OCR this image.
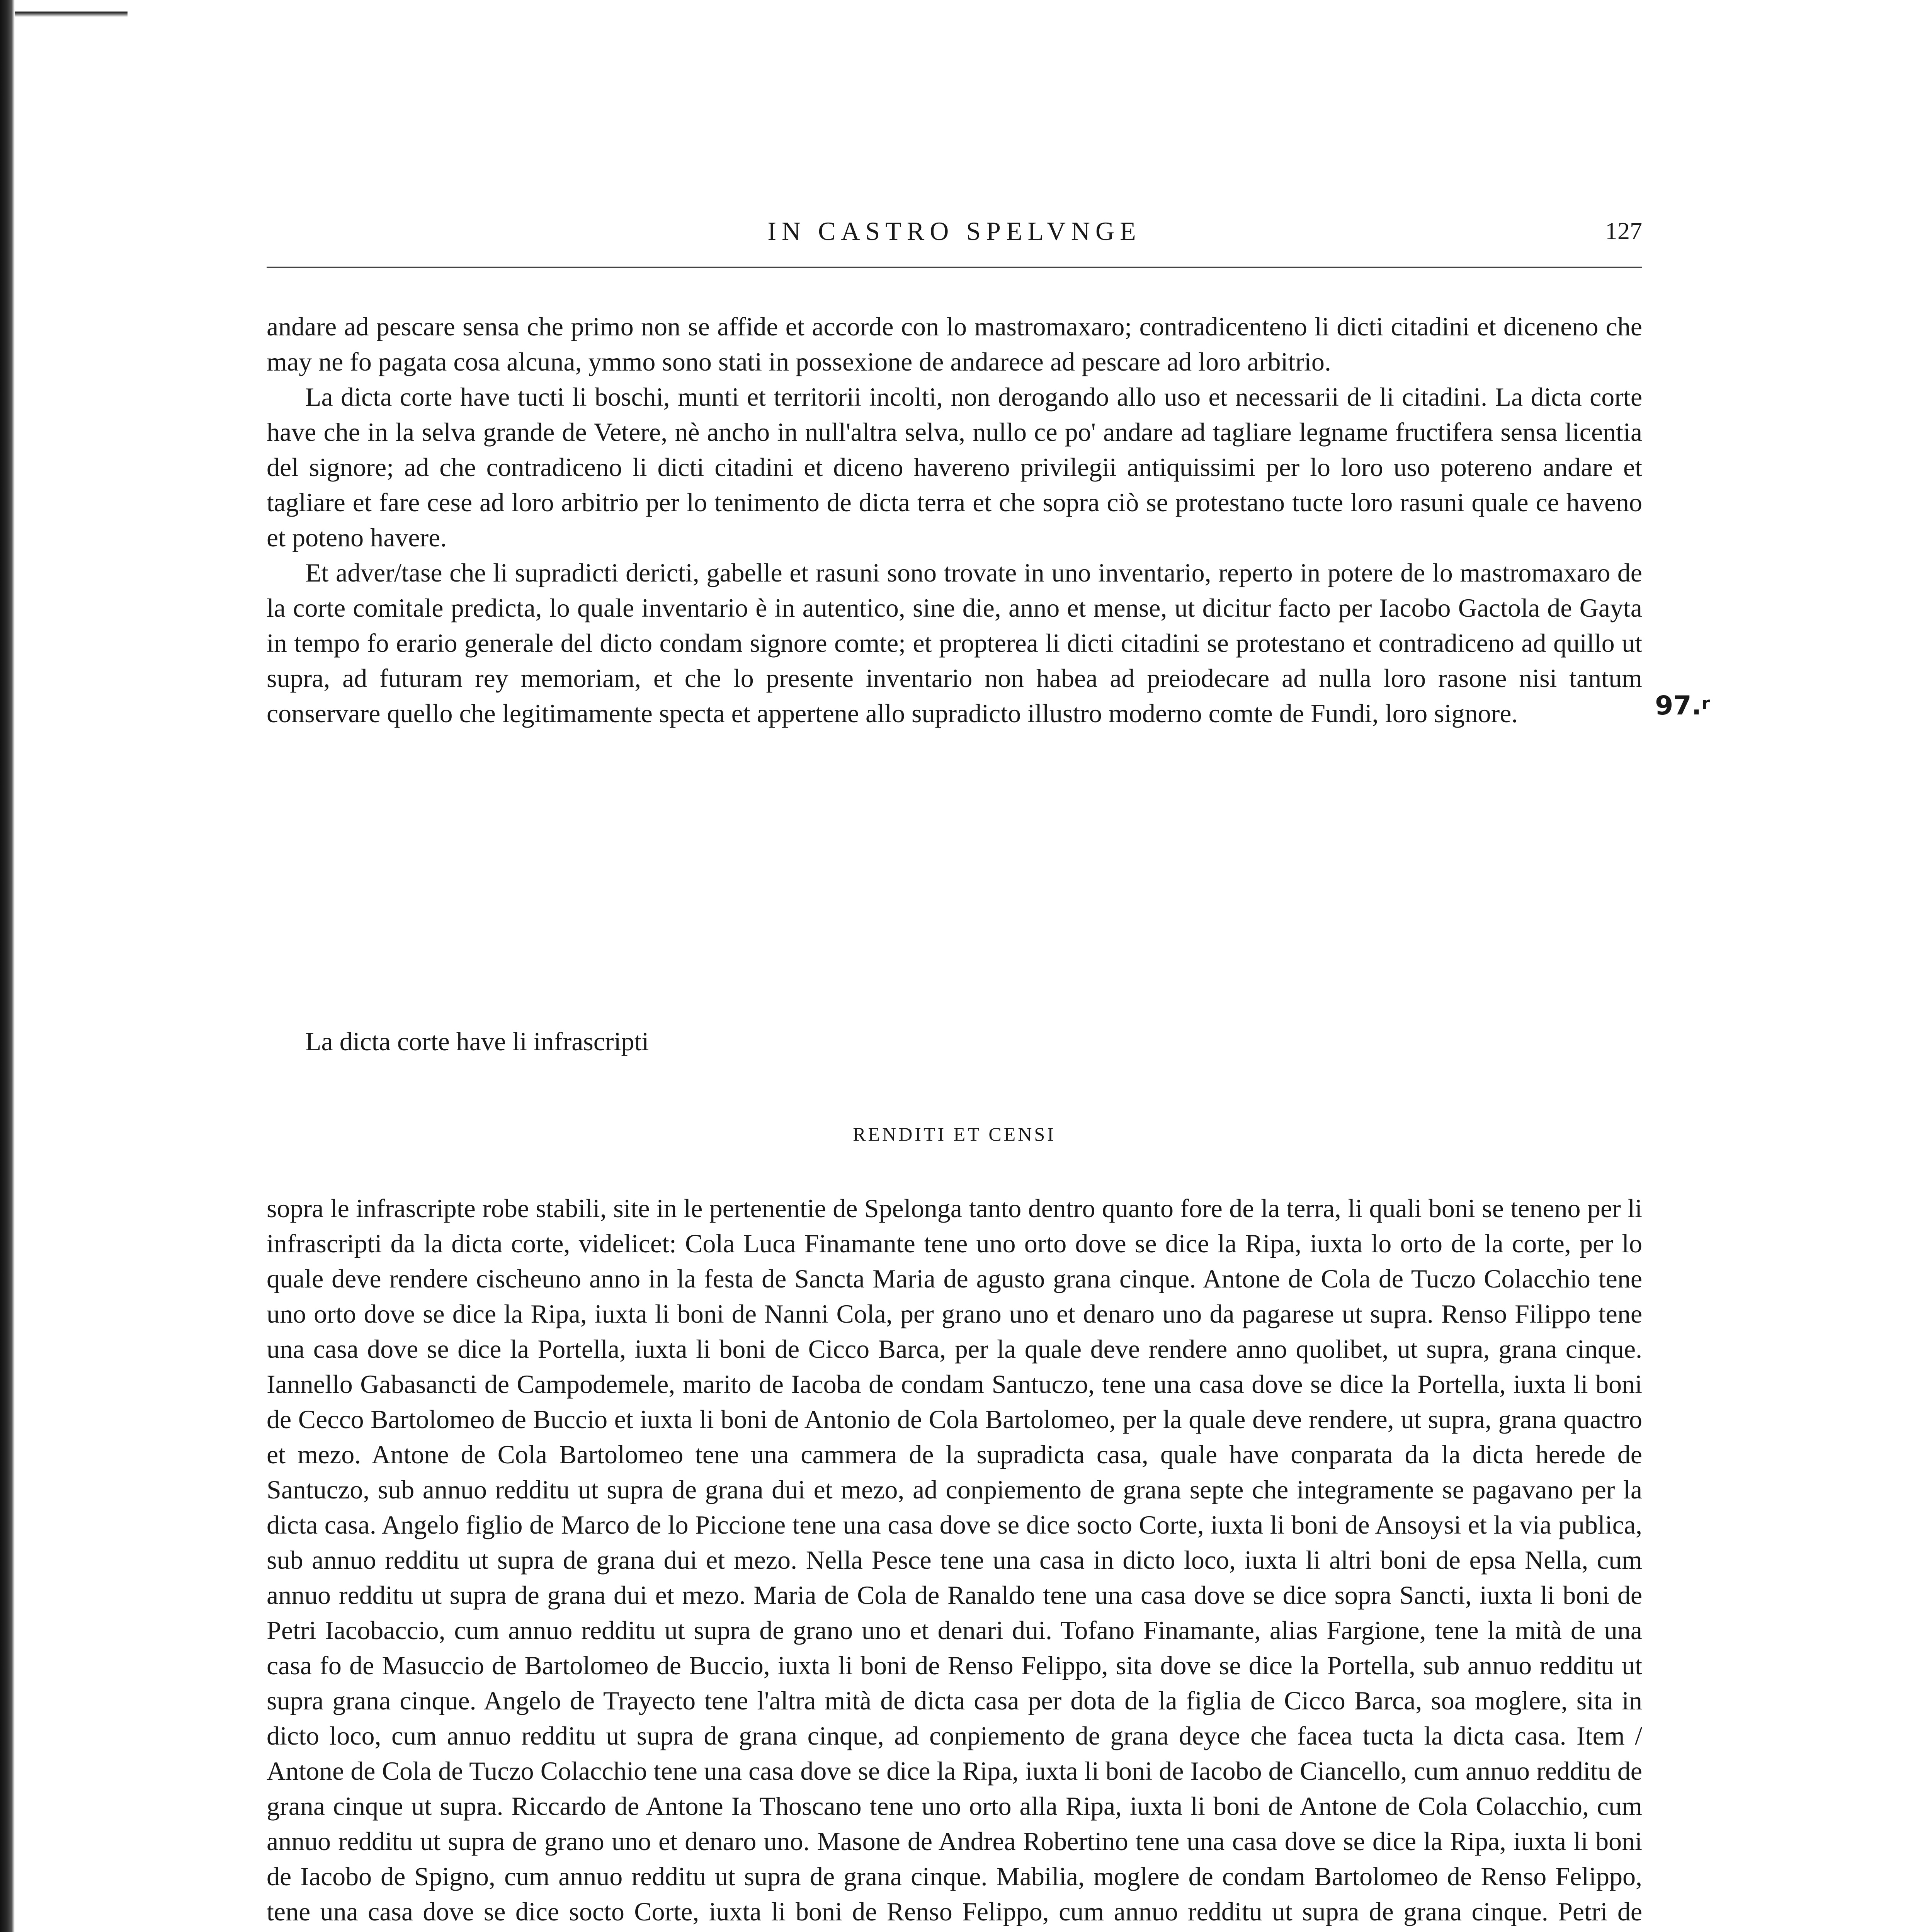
IN CASTRO SPELVNGE	127

andare ad pescare sensa che primo non se affide et accorde con lo mastromaxaro; contradicenteno li dicti citadini et diceneno che may ne fo pagata cosa alcuna, ymmo sono stati in possexione de andarece ad pescare ad loro arbitrio.

La dicta corte have tucti li boschi, munti et territorii incolti, non derogando allo uso et necessarii de li citadini. La dicta corte have che in la selva grande de Vetere, nè ancho in null'altra selva, nullo ce po' andare ad tagliare legname fructifera sensa licentia del signore; ad che contradiceno li dicti citadini et diceno havereno privilegii antiquissimi per lo loro uso potereno andare et tagliare et fare cese ad loro arbitrio per lo tenimento de dicta terra et che sopra ciò se protestano tucte loro rasuni quale ce haveno et poteno havere.

Et adver/tase che li supradicti dericti, gabelle et rasuni sono trovate in uno inventario, reperto in potere de lo mastromaxaro de la corte comitale predicta, lo quale inventario è in autentico, sine die, anno et mense, ut dicitur facto per Iacobo Gactola de Gayta in tempo fo erario generale del dicto condam signore comte; et propterea li dicti citadini se protestano et contradiceno ad quillo ut supra, ad futuram rey memoriam, et che lo presente inventario non habea ad preiodecare ad nulla loro rasone nisi tantum conservare quello che legitimamente specta et appertene allo supradicto illustro moderno comte de Fundi, loro signore.	97.$^r$
La dicta corte have li infrascripti
RENDITI ET CENSI

sopra le infrascripte robe stabili, site in le pertenentie de Spelonga tanto dentro quanto fore de la terra, li quali boni se teneno per li infrascripti da la dicta corte, videlicet: Cola Luca Finamante tene uno orto dove se dice la Ripa, iuxta lo orto de la corte, per lo quale deve rendere cischeuno anno in la festa de Sancta Maria de agusto grana cinque. Antone de Cola de Tuczo Colacchio tene uno orto dove se dice la Ripa, iuxta li boni de Nanni Cola, per grano uno et denaro uno da pagarese ut supra. Renso Filippo tene una casa dove se dice la Portella, iuxta li boni de Cicco Barca, per la quale deve rendere anno quolibet, ut supra, grana cinque. Iannello Gabasancti de Campodemele, marito de Iacoba de condam Santuczo, tene una casa dove se dice la Portella, iuxta li boni de Cecco Bartolomeo de Buccio et iuxta li boni de Antonio de Cola Bartolomeo, per la quale deve rendere, ut supra, grana quactro et mezo. Antone de Cola Bartolomeo tene una cammera de la supradicta casa, quale have conparata da la dicta herede de Santuczo, sub annuo redditu ut supra de grana dui et mezo, ad conpiemento de grana septe che integramente se pagavano per la dicta casa. Angelo figlio de Marco de lo Piccione tene una casa dove se dice socto Corte, iuxta li boni de Ansoysi et la via publica, sub annuo redditu ut supra de grana dui et mezo. Nella Pesce tene una casa in dicto loco, iuxta li altri boni de epsa Nella, cum annuo redditu ut supra de grana dui et mezo. Maria de Cola de Ranaldo tene una casa dove se dice sopra Sancti, iuxta li boni de Petri Iacobaccio, cum annuo redditu ut supra de grano uno et denari dui. Tofano Finamante, alias Fargione, tene la mità de una casa fo de Masuccio de Bartolomeo de Buccio, iuxta li boni de Renso Felippo, sita dove se dice la Portella, sub annuo redditu ut supra grana cinque. Angelo de Trayecto tene l'altra mità de dicta casa per dota de la figlia de Cicco Barca, soa moglere, sita in dicto loco, cum annuo redditu ut supra de grana cinque, ad conpiemento de grana deyce che facea tucta la dicta casa. Item / Antone de Cola de Tuczo Colacchio tene una casa dove se dice la Ripa, iuxta li boni de Iacobo de Ciancello, cum annuo redditu de grana cinque ut supra. Riccardo de Antone Ia Thoscano tene uno orto alla Ripa, iuxta li boni de Antone de Cola Colacchio, cum annuo redditu ut supra de grano uno et denaro uno. Masone de Andrea Robertino tene una casa dove se dice la Ripa, iuxta li boni de Iacobo de Spigno, cum annuo redditu ut supra de grana cinque. Mabilia, moglere de condam Bartolomeo de Renso Felippo, tene una casa dove se dice socto Corte, iuxta li boni de Renso Felippo, cum annuo redditu ut supra de grana cinque. Petri de
